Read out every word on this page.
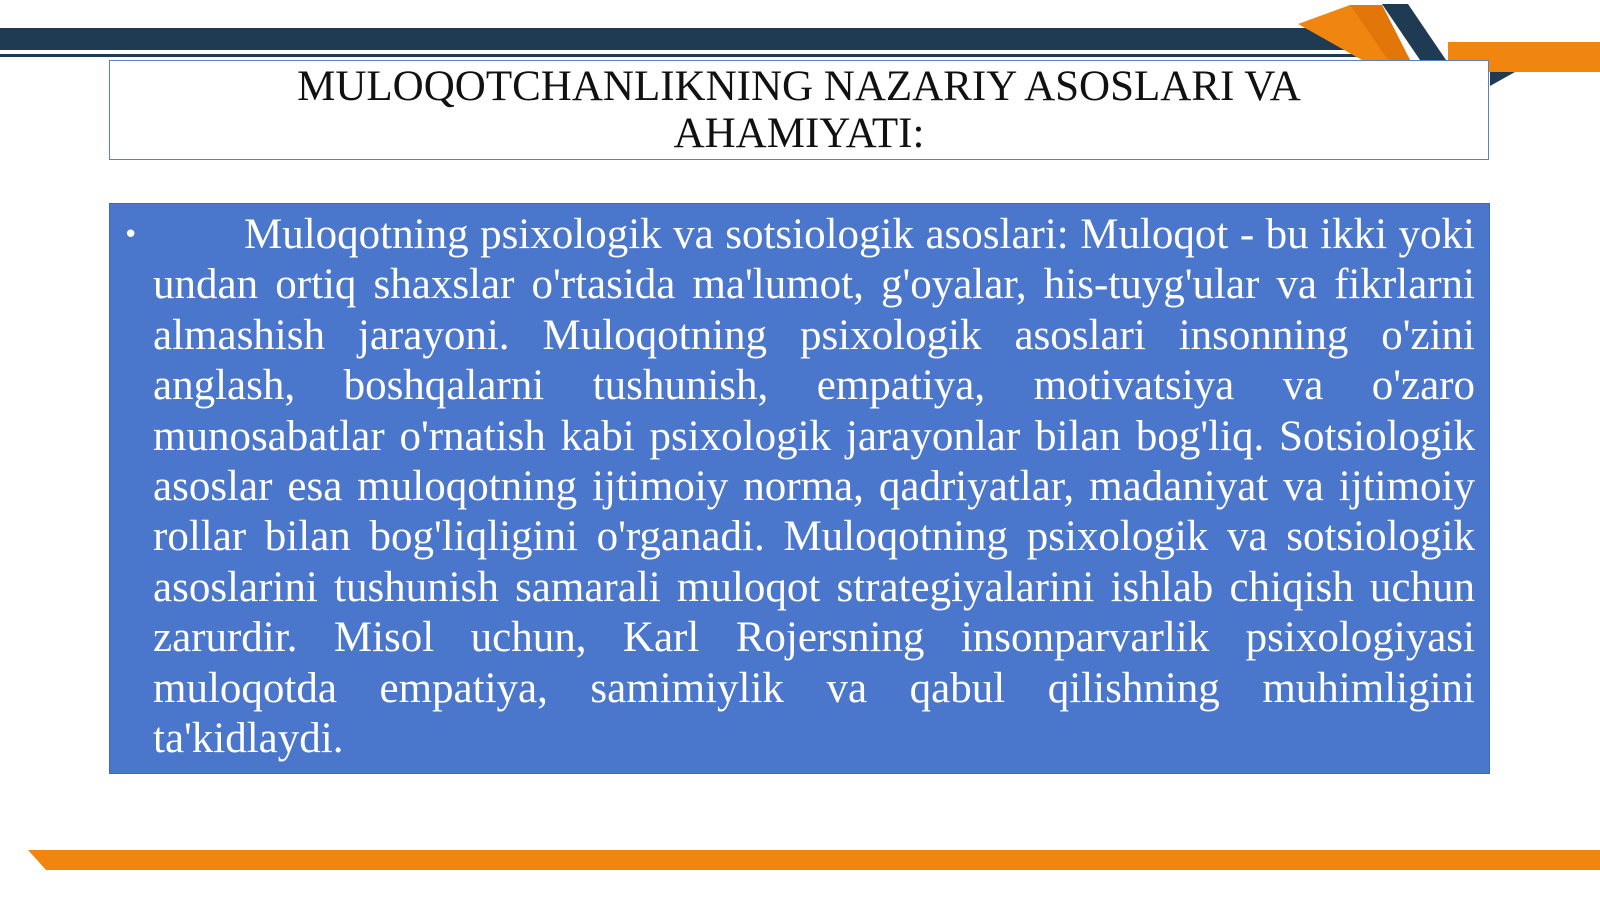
MULOQOTCHANLIKNING NAZARIY ASOSLARI VA
AHAMIYATI:
•	Muloqotning psixologik va sotsiologik asoslari: Muloqot - bu ikki yoki undan ortiq shaxslar o'rtasida ma'lumot, g'oyalar, his-tuyg'ular va fikrlarni almashish jarayoni. Muloqotning psixologik asoslari insonning o'zini anglash, boshqalarni tushunish, empatiya, motivatsiya va o'zaro munosabatlar o'rnatish kabi psixologik jarayonlar bilan bog'liq. Sotsiologik asoslar esa muloqotning ijtimoiy norma, qadriyatlar, madaniyat va ijtimoiy rollar bilan bog'liqligini o'rganadi. Muloqotning psixologik va sotsiologik asoslarini tushunish samarali muloqot strategiyalarini ishlab chiqish uchun zarurdir. Misol uchun, Karl Rojersning insonparvarlik psixologiyasi muloqotda empatiya, samimiylik va qabul qilishning muhimligini ta'kidlaydi.
